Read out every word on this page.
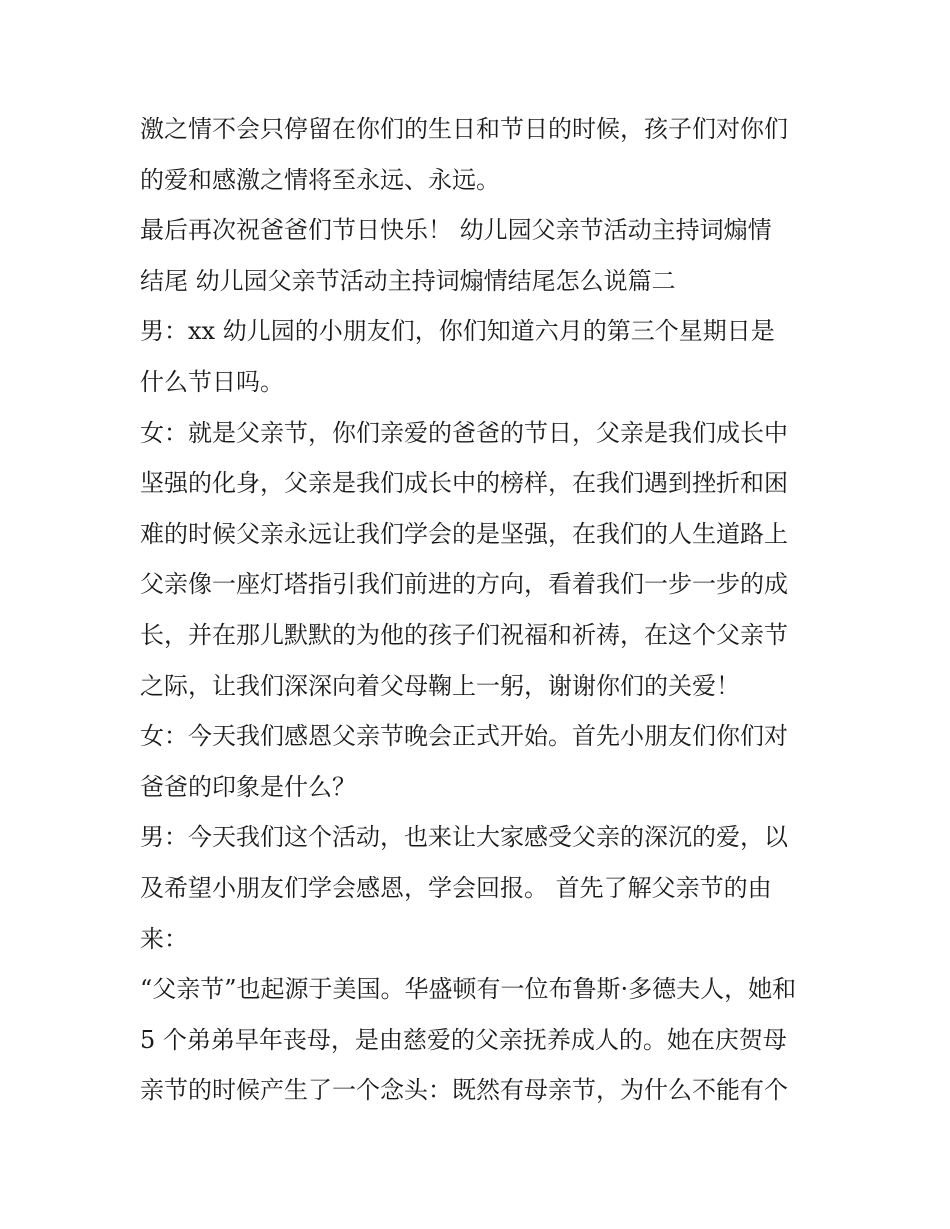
激之情不会只停留在你们的生日和节日的时候，孩子们对你们
的爱和感激之情将至永远、永远。
最后再次祝爸爸们节日快乐！ 幼儿园父亲节活动主持词煽情
结尾 幼儿园父亲节活动主持词煽情结尾怎么说篇二
男：xx 幼儿园的小朋友们，你们知道六月的第三个星期日是
什么节日吗。
女：就是父亲节，你们亲爱的爸爸的节日，父亲是我们成长中
坚强的化身，父亲是我们成长中的榜样，在我们遇到挫折和困
难的时候父亲永远让我们学会的是坚强，在我们的人生道路上
父亲像一座灯塔指引我们前进的方向，看着我们一步一步的成
长，并在那儿默默的为他的孩子们祝福和祈祷，在这个父亲节
之际，让我们深深向着父母鞠上一躬，谢谢你们的关爱！
女：今天我们感恩父亲节晚会正式开始。首先小朋友们你们对
爸爸的印象是什么？
男：今天我们这个活动，也来让大家感受父亲的深沉的爱，以
及希望小朋友们学会感恩，学会回报。 首先了解父亲节的由
来：
“父亲节”也起源于美国。华盛顿有一位布鲁斯·多德夫人，她和
5 个弟弟早年丧母，是由慈爱的父亲抚养成人的。她在庆贺母
亲节的时候产生了一个念头：既然有母亲节，为什么不能有个
